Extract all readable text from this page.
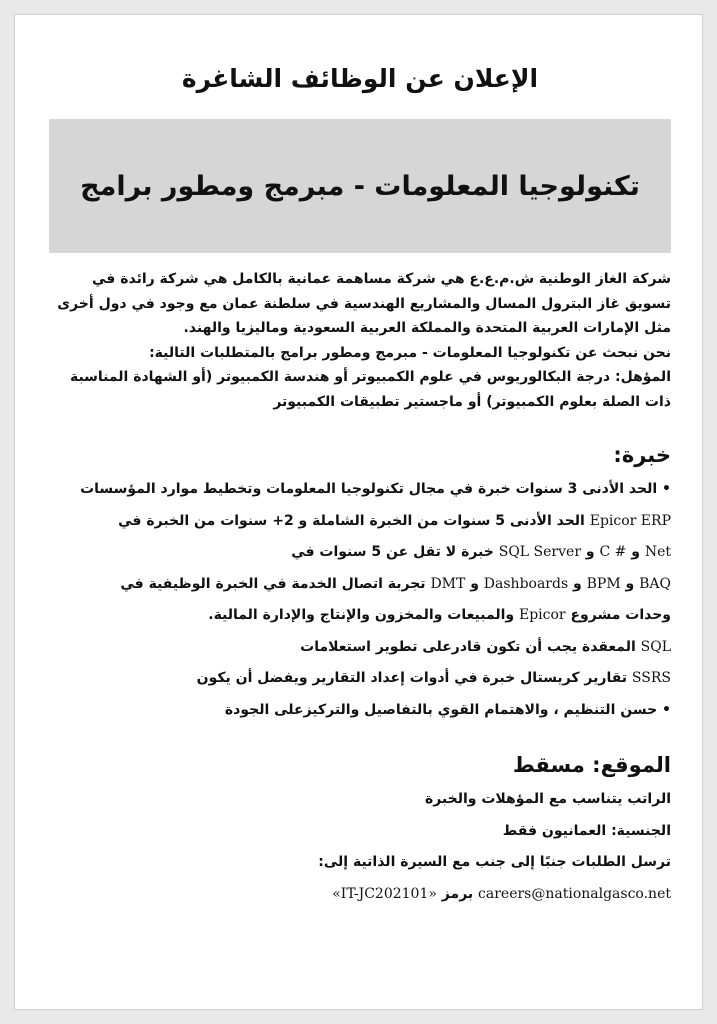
الإعلان عن الوظائف الشاغرة
تكنولوجيا المعلومات - مبرمج ومطور برامج

شركة الغاز الوطنية ش.م.ع.ع هي شركة مساهمة عمانية بالكامل هي شركة رائدة في

تسويق غاز البترول المسال والمشاريع الهندسية في سلطنة عمان مع وجود في دول أخرى

مثل الإمارات العربية المتحدة والمملكة العربية السعودية وماليزيا والهند.

نحن نبحث عن تكنولوجيا المعلومات - مبرمج ومطور برامج بالمتطلبات التالية:

المؤهل: درجة البكالوريوس في علوم الكمبيوتر أو هندسة الكمبيوتر (أو الشهادة المناسبة

ذات الصلة بعلوم الكمبيوتر) أو ماجستير تطبيقات الكمبيوتر

خبرة:

• الحد الأدنى 3 سنوات خبرة في مجال تكنولوجيا المعلومات وتخطيط موارد المؤسسات

Epicor ERP الحد الأدنى 5 سنوات من الخبرة الشاملة و 2+ سنوات من الخبرة في

Net و # C و SQL Server خبرة لا تقل عن 5 سنوات في

BAQ و BPM و Dashboards و DMT تجربة اتصال الخدمة في الخبرة الوظيفية في

وحدات مشروع Epicor والمبيعات والمخزون والإنتاج والإدارة المالية.

SQL المعقدة يجب أن تكون قادرعلى تطوير استعلامات

SSRS تقارير كريستال خبرة في أدوات إعداد التقارير ويفضل أن يكون

• حسن التنظيم ، والاهتمام القوي بالتفاصيل والتركيزعلى الجودة

الموقع: مسقط

الراتب يتناسب مع المؤهلات والخبرة

الجنسية: العمانيون فقط

ترسل الطلبات جنبًا إلى جنب مع السيرة الذاتية إلى:

careers@nationalgasco.net برمز «IT-JC202101»
